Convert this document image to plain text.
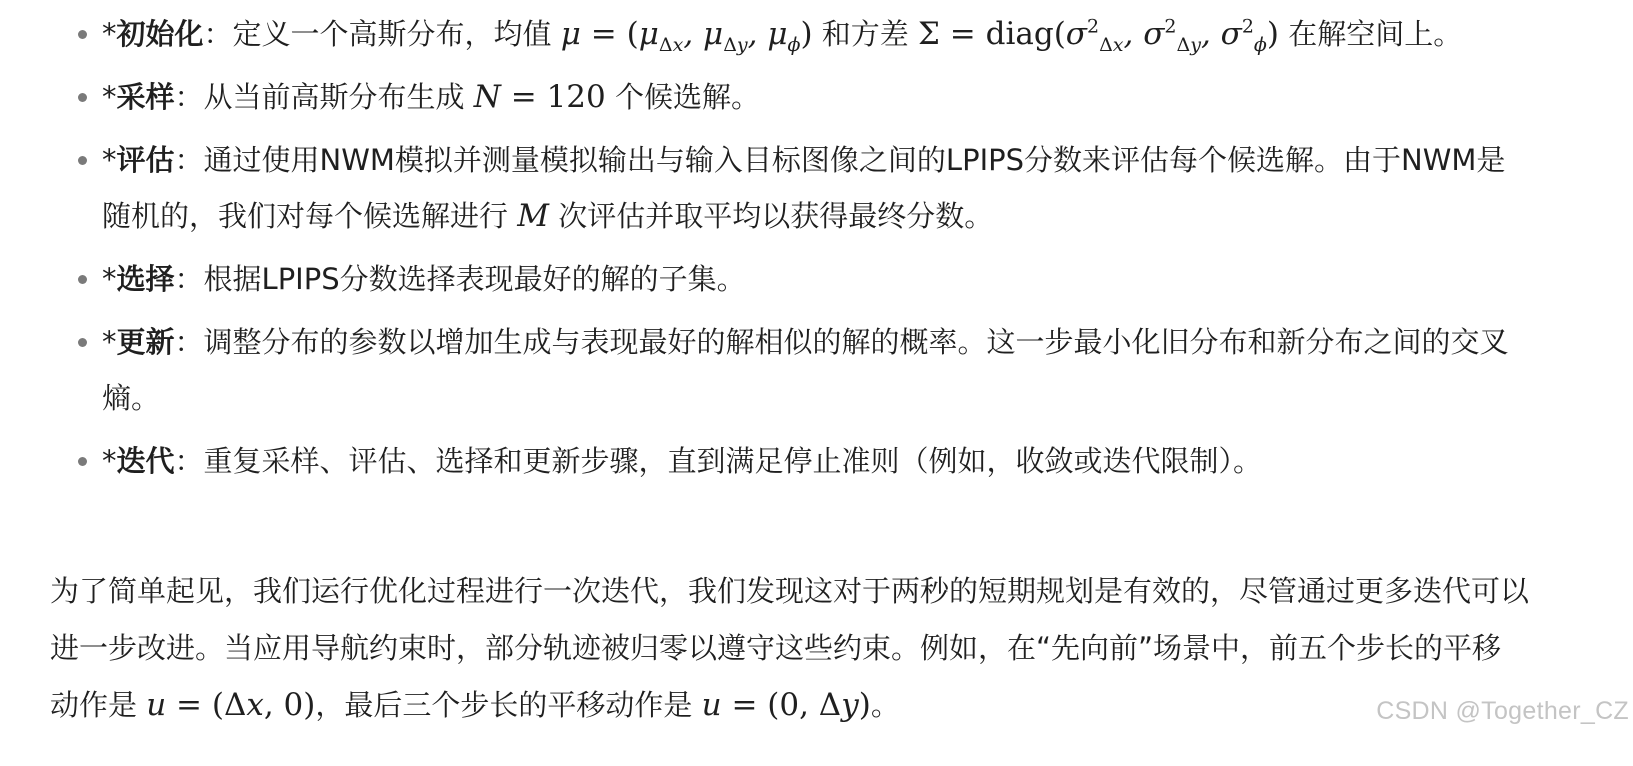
*初始化：定义一个高斯分布，均值 $\mu = (\mu_{\Delta x}$, $\mu_{\Delta y}$, $\mu_\phi$) 和方差 $\Sigma = diag(\sigma^2_{\Delta x}$, $\sigma^2_{\Delta y}$, $\sigma^2_\phi$) 在解空间上。
*采样：从当前高斯分布生成 N = 120 个候选解。
*评估：通过使用NWM模拟并测量模拟输出与输入目标图像之间的LPIPS分数来评估每个候选解。由于NWM是随机的，我们对每个候选解进行 M 次评估并取平均以获得最终分数。
*选择：根据LPIPS分数选择表现最好的解的子集。
*更新：调整分布的参数以增加生成与表现最好的解相似的解的概率。这一步最小化旧分布和新分布之间的交叉熵。
*迭代：重复采样、评估、选择和更新步骤，直到满足停止准则（例如，收敛或迭代限制）。

为了简单起见，我们运行优化过程进行一次迭代，我们发现这对于两秒的短期规划是有效的，尽管通过更多迭代可以进一步改进。当应用导航约束时，部分轨迹被归零以遵守这些约束。例如，在“先向前”场景中，前五个步长的平移动作是 u = (Δx, 0)，最后三个步长的平移动作是 u = (0, Δy)。	CSDN @Together_CZ
